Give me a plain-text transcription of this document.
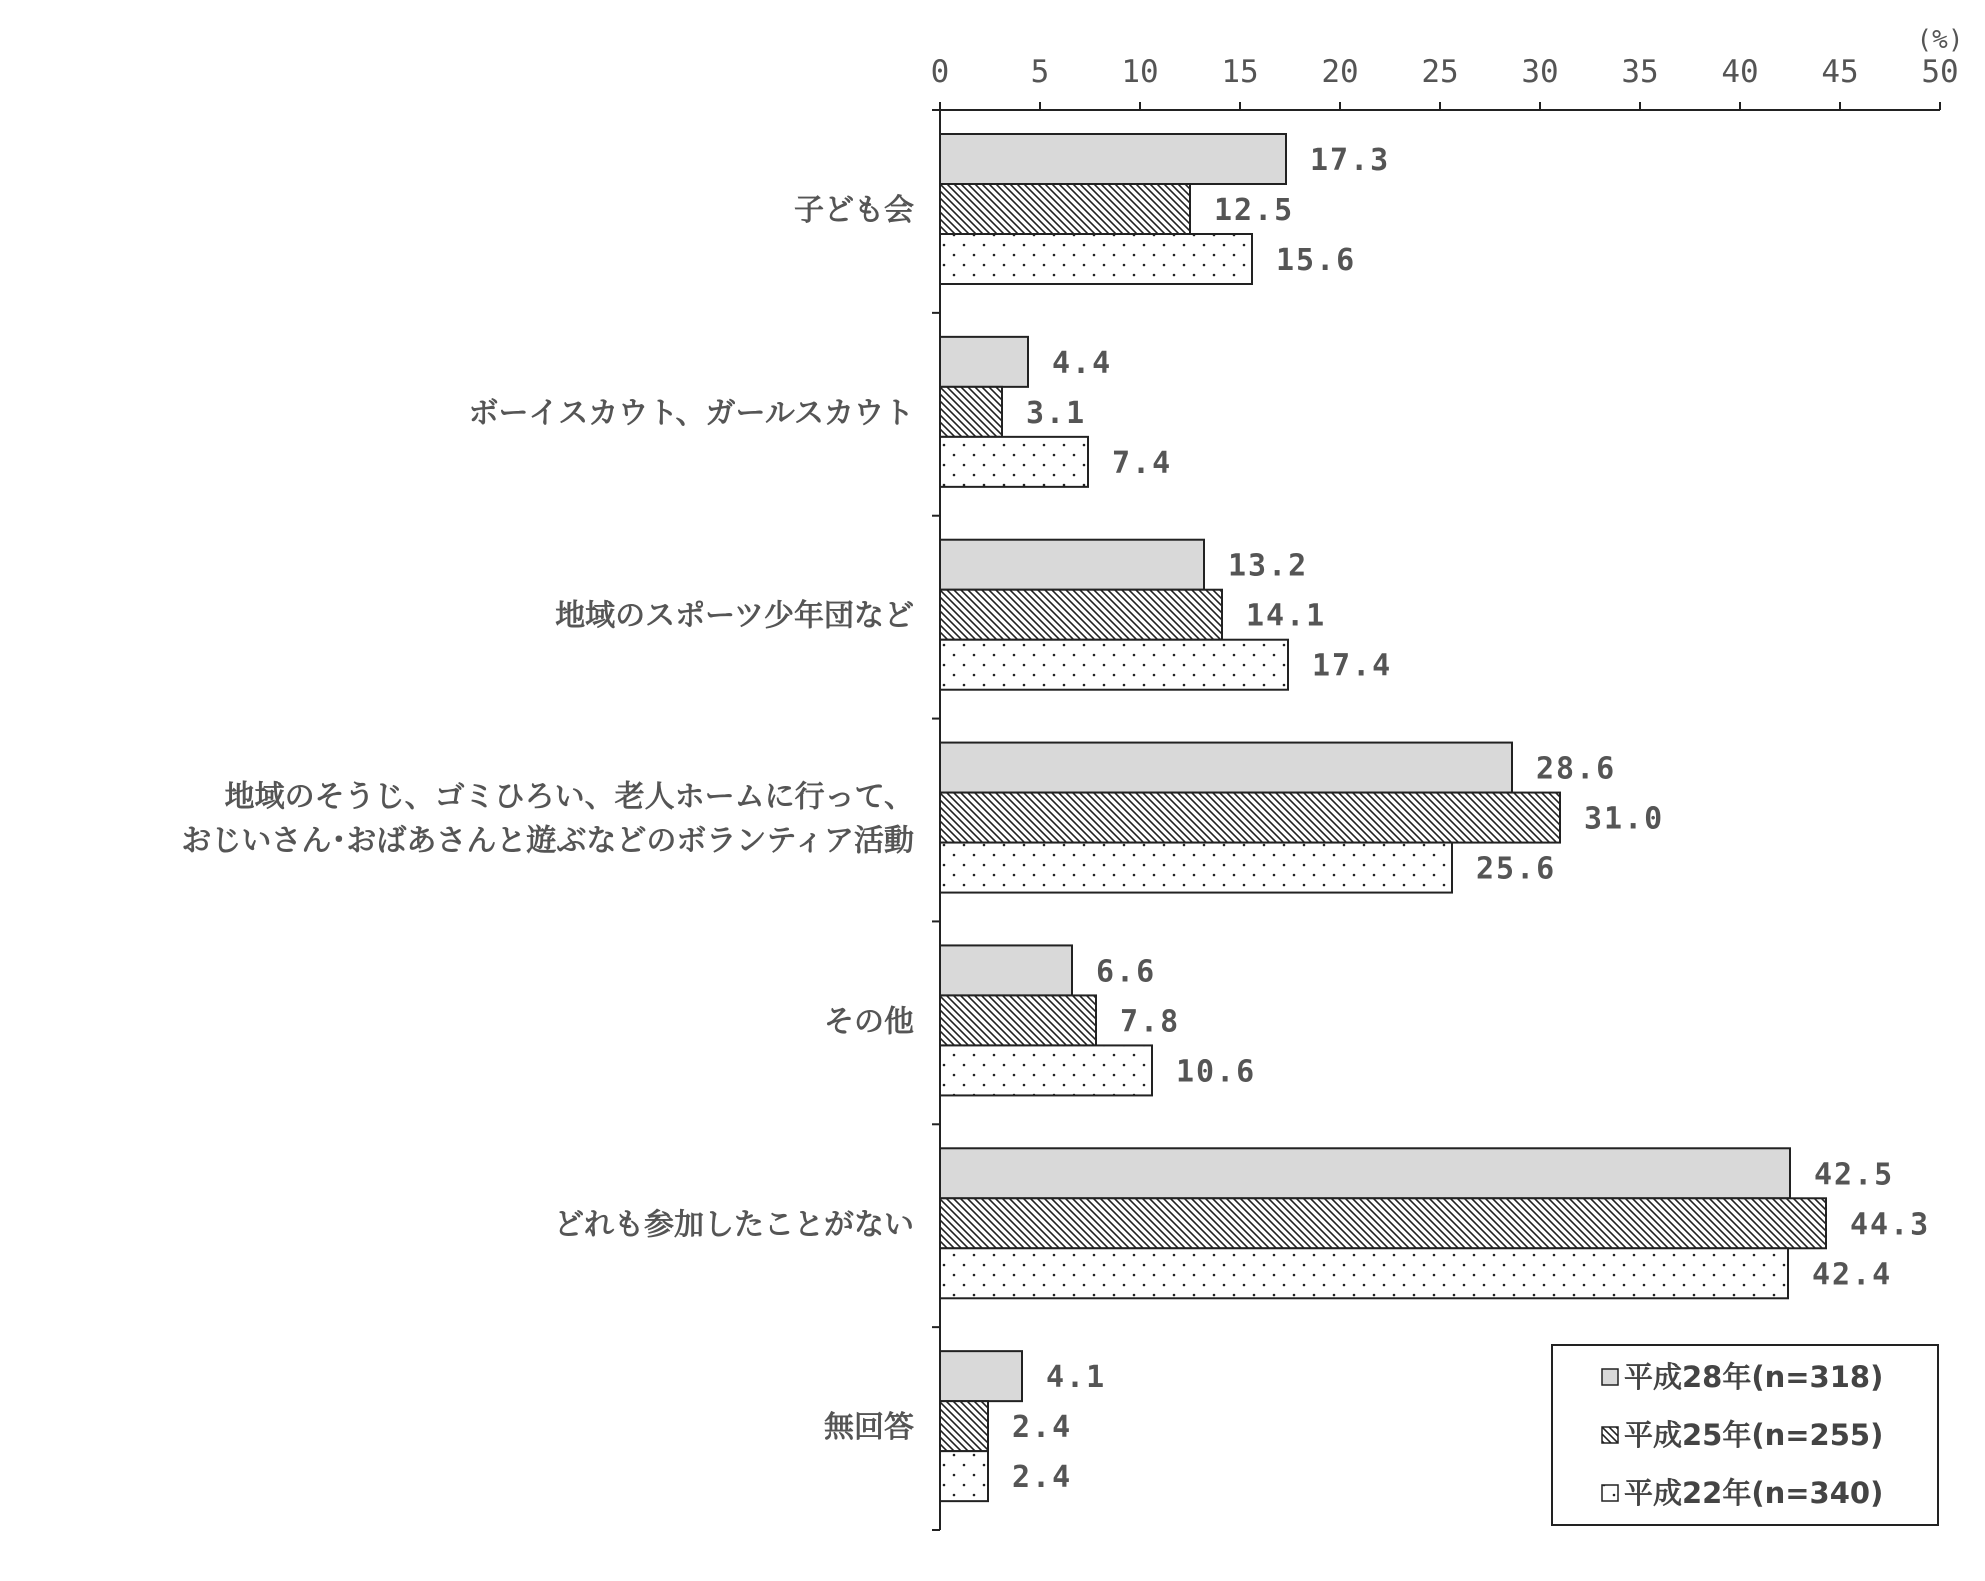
0	5 10 15 20 25 30 35 40 45 50
(%)
17.3
12.5
15.6
4.4
3.1
7.4
13.2
14.1
17.4
28.6
31.0
25.6
6.6
7.8
10.6
42.5
44.3
42.4
4.1
2.4
2.4
子ども会
ボーイスカウト、ガールスカウト
地域のスポーツ少年団など
地域のそうじ、ゴミひろい、老人ホームに行って、
おじいさん･おばあさんと遊ぶなどのボランティア活動
その他
どれも参加したことがない
無回答
平成28年(n=318)
平成25年(n=255)
平成22年(n=340)
